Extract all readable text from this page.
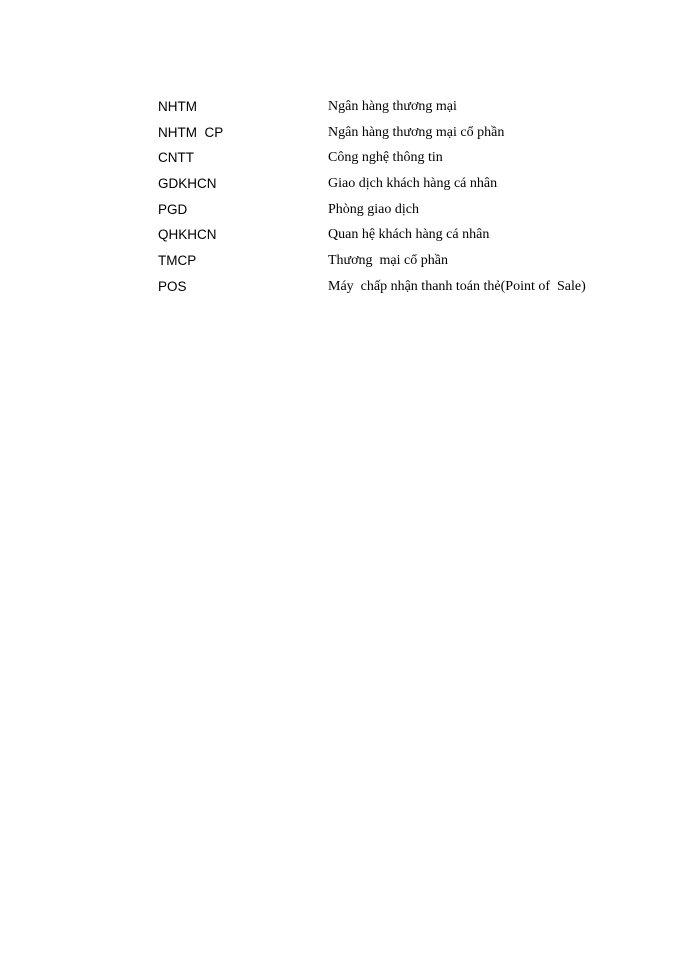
NHTM	Ngân hàng thương mại
NHTM  CP	Ngân hàng thương mại cổ phần
CNTT	Công nghệ thông tin
GDKHCN	Giao dịch khách hàng cá nhân
PGD	Phòng giao dịch
QHKHCN	Quan hệ khách hàng cá nhân
TMCP	Thương  mại cổ phần
POS	Máy  chấp nhận thanh toán thẻ(Point of  Sale)
